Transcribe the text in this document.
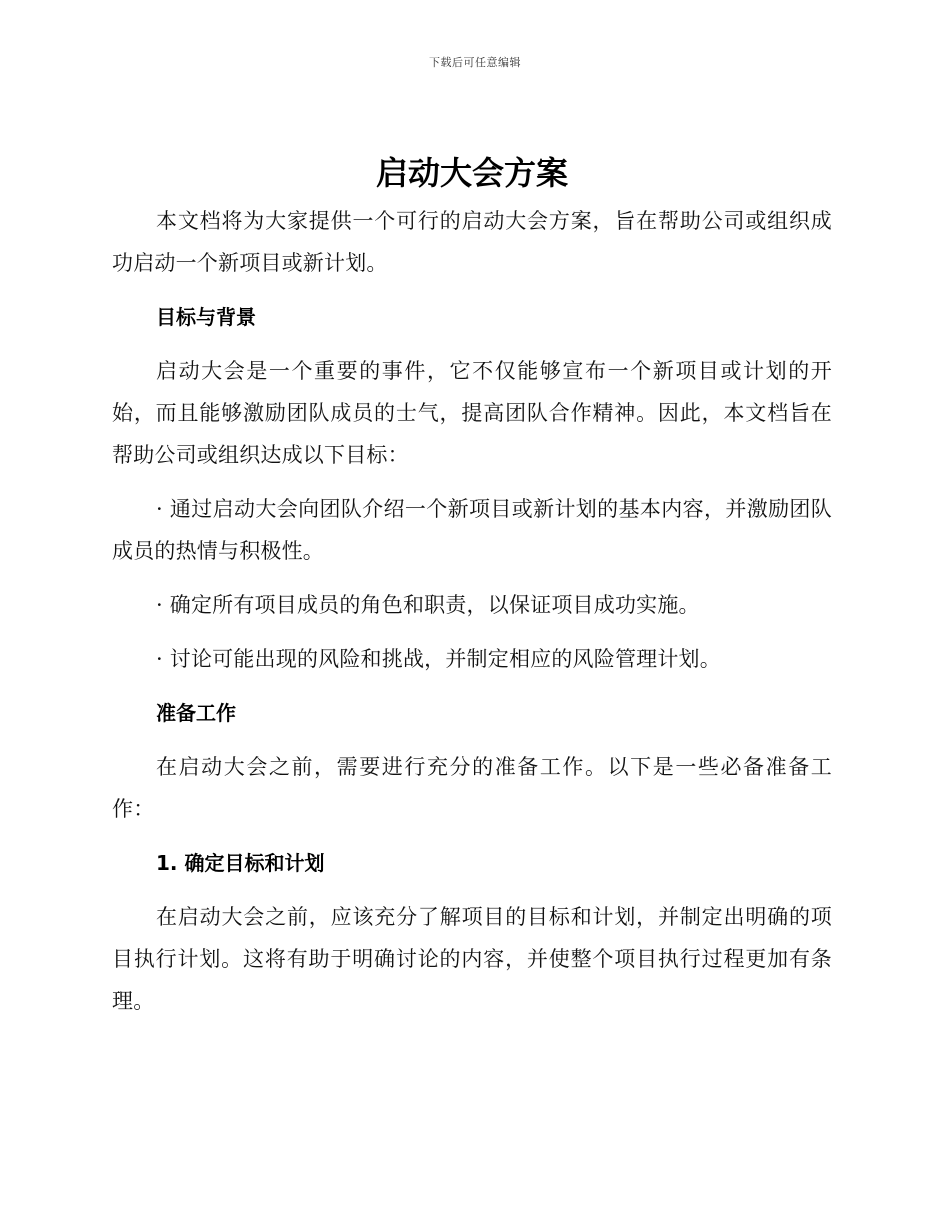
下载后可任意编辑
启动大会方案

本文档将为大家提供一个可行的启动大会方案，旨在帮助公司或组织成功启动一个新项目或新计划。

目标与背景

启动大会是一个重要的事件，它不仅能够宣布一个新项目或计划的开始，而且能够激励团队成员的士气，提高团队合作精神。因此，本文档旨在帮助公司或组织达成以下目标：

· 通过启动大会向团队介绍一个新项目或新计划的基本内容，并激励团队成员的热情与积极性。

· 确定所有项目成员的角色和职责，以保证项目成功实施。

· 讨论可能出现的风险和挑战，并制定相应的风险管理计划。

准备工作

在启动大会之前，需要进行充分的准备工作。以下是一些必备准备工作：

1. 确定目标和计划

在启动大会之前，应该充分了解项目的目标和计划，并制定出明确的项目执行计划。这将有助于明确讨论的内容，并使整个项目执行过程更加有条理。
